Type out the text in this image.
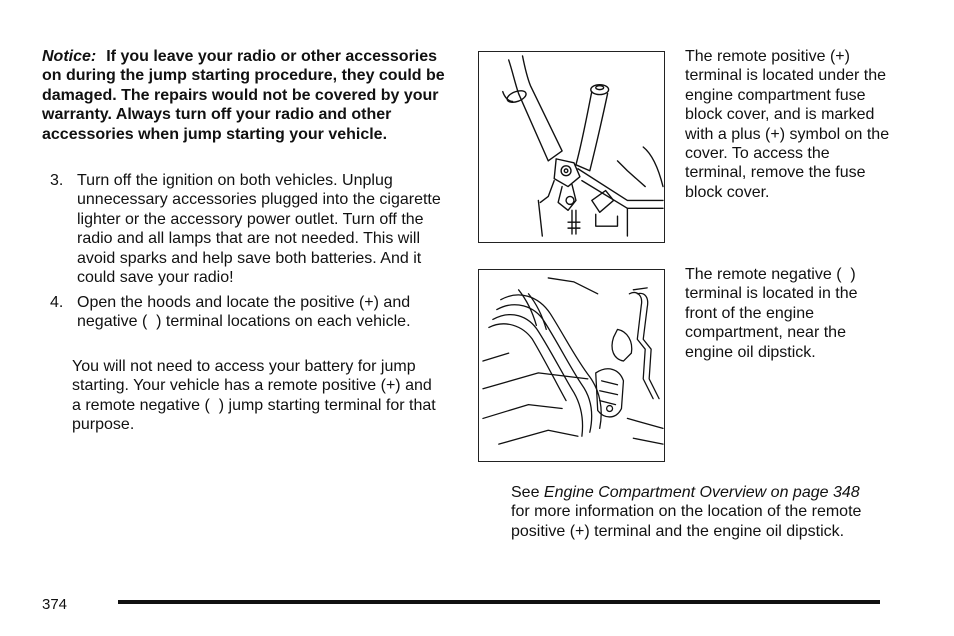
Notice: If you leave your radio or other accessories on during the jump starting procedure, they could be damaged. The repairs would not be covered by your warranty. Always turn off your radio and other accessories when jump starting your vehicle.
3. Turn off the ignition on both vehicles. Unplug unnecessary accessories plugged into the cigarette lighter or the accessory power outlet. Turn off the radio and all lamps that are not needed. This will avoid sparks and help save both batteries. And it could save your radio!
4. Open the hoods and locate the positive (+) and negative (  ) terminal locations on each vehicle.
You will not need to access your battery for jump starting. Your vehicle has a remote positive (+) and a remote negative (  ) jump starting terminal for that purpose.
The remote positive (+) terminal is located under the engine compartment fuse block cover, and is marked with a plus (+) symbol on the cover. To access the terminal, remove the fuse block cover.
The remote negative (  ) terminal is located in the front of the engine compartment, near the engine oil dipstick.
See Engine Compartment Overview on page 348 for more information on the location of the remote positive (+) terminal and the engine oil dipstick.
374
